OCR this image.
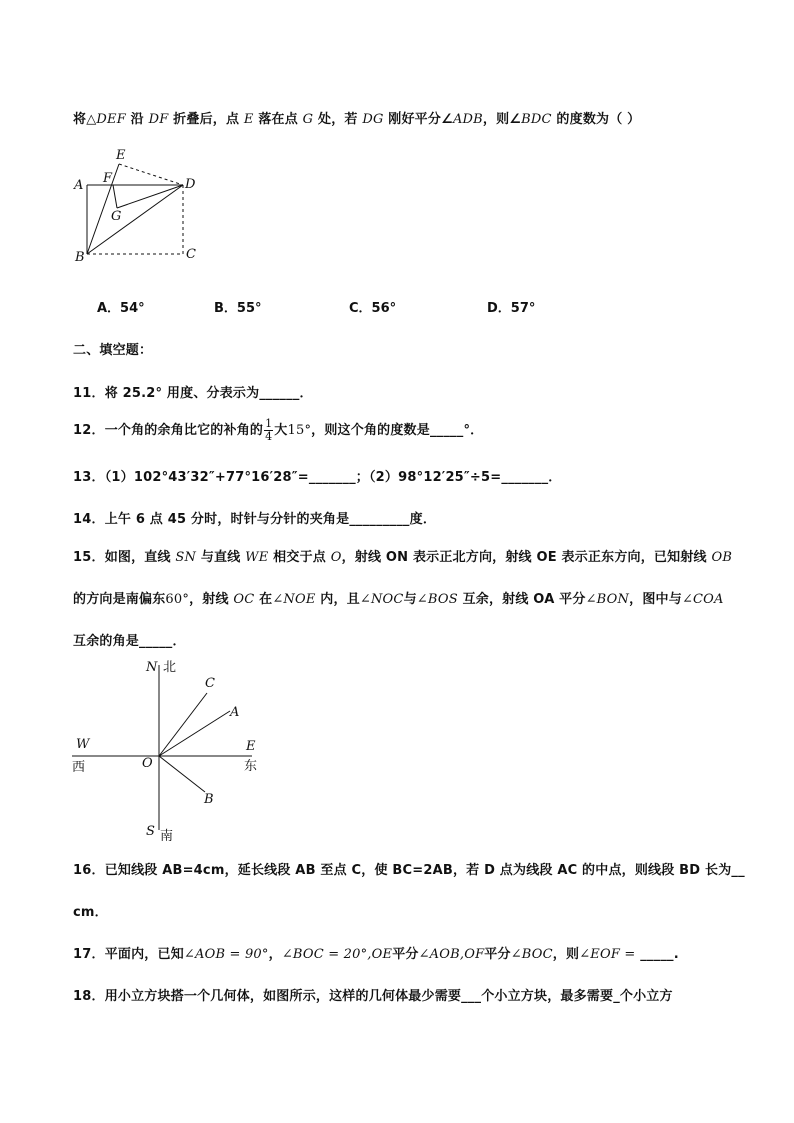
将△DEF 沿 DF 折叠后，点 E 落在点 G 处，若 DG 刚好平分∠ADB，则∠BDC 的度数为（ ）
E
A F	D
G
B	C
A．54°	B．55°	C．56°	D．57°
二、填空题：
11．将 25.2° 用度、分表示为______．
12．一个角的余角比它的补角的 $\frac{1}{4}$ 大15°，则这个角的度数是_____°．
13．（1）102°43′32″+77°16′28″=_______；（2）98°12′25″÷5=_______．
14．上午 6 点 45 分时，时针与分针的夹角是_________度．
15．如图，直线 SN 与直线 WE 相交于点 O，射线 ON 表示正北方向，射线 OE 表示正东方向，已知射线 OB
的方向是南偏东60°，射线 OC 在∠NOE 内，且∠NOC与∠BOS 互余，射线 OA 平分∠BON，图中与∠COA
互余的角是_____．
N 北
C
A
W
西	O
E
东
B
S 南
16．已知线段 AB=4cm，延长线段 AB 至点 C，使 BC=2AB，若 D 点为线段 AC 的中点，则线段 BD 长为__
cm．
17．平面内，已知∠AOB = 90°，∠BOC = 20°,OE平分∠AOB,OF平分∠BOC，则∠EOF = _____.
18．用小立方块搭一个几何体，如图所示，这样的几何体最少需要___个小立方块，最多需要_个小立方
